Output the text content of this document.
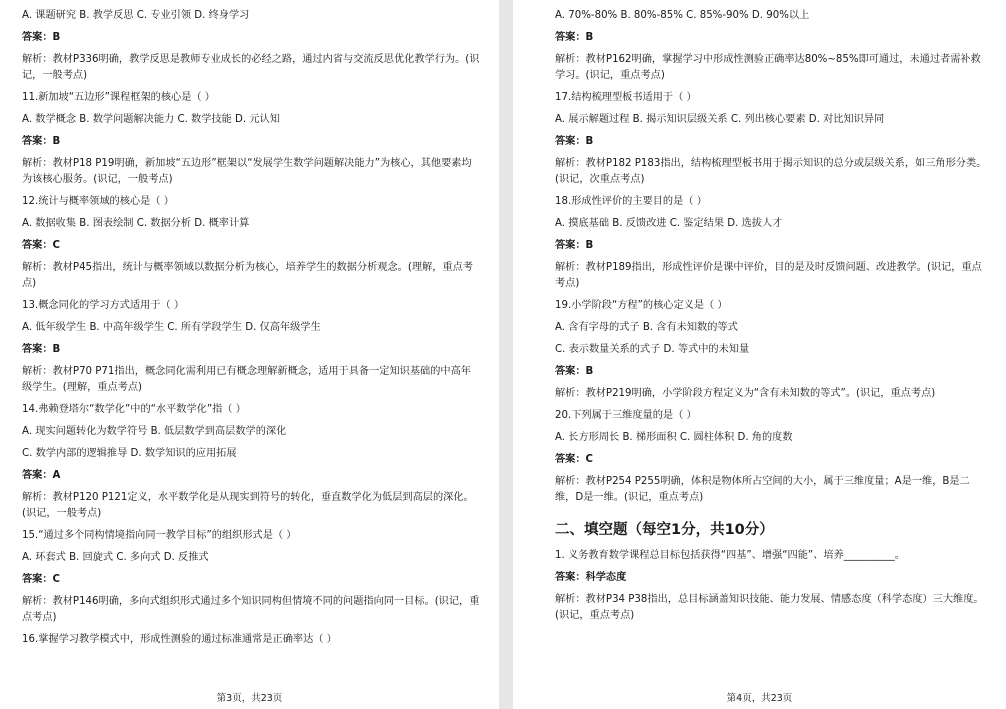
A. 课题研究 B. 教学反思 C. 专业引领 D. 终身学习

答案：B

解析：教材P336明确，教学反思是教师专业成长的必经之路，通过内省与交流反思优化教学行为。(识记，一般考点)

11.新加坡“五边形”课程框架的核心是（ ）

A. 数学概念 B. 数学问题解决能力 C. 数学技能 D. 元认知

答案：B

解析：教材P18 P19明确，新加坡“五边形”框架以“发展学生数学问题解决能力”为核心，其他要素均为该核心服务。(识记，一般考点)

12.统计与概率领域的核心是（ ）

A. 数据收集 B. 图表绘制 C. 数据分析 D. 概率计算

答案：C

解析：教材P45指出，统计与概率领域以数据分析为核心，培养学生的数据分析观念。(理解，重点考点)

13.概念同化的学习方式适用于（ ）

A. 低年级学生 B. 中高年级学生 C. 所有学段学生 D. 仅高年级学生

答案：B

解析：教材P70 P71指出，概念同化需利用已有概念理解新概念，适用于具备一定知识基础的中高年级学生。(理解，重点考点)

14.弗赖登塔尔“数学化”中的“水平数学化”指（ ）

A. 现实问题转化为数学符号 B. 低层数学到高层数学的深化

C. 数学内部的逻辑推导 D. 数学知识的应用拓展

答案：A

解析：教材P120 P121定义，水平数学化是从现实到符号的转化，垂直数学化为低层到高层的深化。(识记，一般考点)

15.“通过多个同构情境指向同一教学目标”的组织形式是（ ）

A. 环套式 B. 回旋式 C. 多向式 D. 反推式

答案：C

解析：教材P146明确，多向式组织形式通过多个知识同构但情境不同的问题指向同一目标。(识记，重点考点)

16.掌握学习教学模式中，形成性测验的通过标准通常是正确率达（ ）

第3页，共23页

A. 70%-80% B. 80%-85% C. 85%-90% D. 90%以上

答案：B

解析：教材P162明确，掌握学习中形成性测验正确率达80%~85%即可通过，未通过者需补救学习。(识记，重点考点)

17.结构梳理型板书适用于（ ）

A. 展示解题过程 B. 揭示知识层级关系 C. 列出核心要素 D. 对比知识异同

答案：B

解析：教材P182 P183指出，结构梳理型板书用于揭示知识的总分或层级关系，如三角形分类。(识记，次重点考点)

18.形成性评价的主要目的是（ ）

A. 摸底基础 B. 反馈改进 C. 鉴定结果 D. 选拔人才

答案：B

解析：教材P189指出，形成性评价是课中评价，目的是及时反馈问题、改进教学。(识记，重点考点)

19.小学阶段“方程”的核心定义是（ ）

A. 含有字母的式子 B. 含有未知数的等式

C. 表示数量关系的式子 D. 等式中的未知量

答案：B

解析：教材P219明确，小学阶段方程定义为“含有未知数的等式”。(识记，重点考点)

20.下列属于三维度量的是（ ）

A. 长方形周长 B. 梯形面积 C. 圆柱体积 D. 角的度数

答案：C

解析：教材P254 P255明确，体积是物体所占空间的大小，属于三维度量；A是一维，B是二维，D是一维。(识记，重点考点)

二、填空题（每空1分，共10分）

1. 义务教育数学课程总目标包括获得“四基”、增强“四能”、培养__________。

答案：科学态度

解析：教材P34 P38指出，总目标涵盖知识技能、能力发展、情感态度（科学态度）三大维度。(识记，重点考点)

第4页，共23页
